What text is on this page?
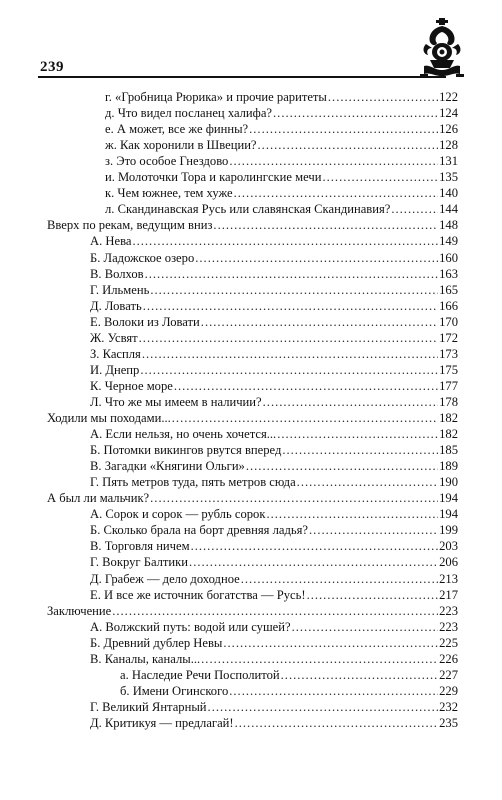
239
г. «Гробница Рюрика» и прочие раритеты .....	122
д. Что видел посланец халифа? .....	124
е. А может, все же финны? .....	126
ж. Как хоронили в Швеции? .....	128
з. Это особое Гнездово .....	131
и. Молоточки Тора и каролингские мечи .....	135
к. Чем южнее, тем хуже .....	140
л. Скандинавская Русь или славянская Скандинавия? .....	144
Вверх по рекам, ведущим вниз .....	148
А. Нева .....	149
Б. Ладожское озеро .....	160
В. Волхов .....	163
Г. Ильмень .....	165
Д. Ловать .....	166
Е. Волоки из Ловати .....	170
Ж. Усвят .....	172
З. Каспля .....	173
И. Днепр .....	175
К. Черное море .....	177
Л. Что же мы имеем в наличии? .....	178
Ходили мы походами... .....	182
А. Если нельзя, но очень хочется... .....	182
Б. Потомки викингов рвутся вперед .....	185
В. Загадки «Княгини Ольги» .....	189
Г. Пять метров туда, пять метров сюда .....	190
А был ли мальчик? .....	194
А. Сорок и сорок — рубль сорок .....	194
Б. Сколько брала на борт древняя ладья? .....	199
В. Торговля ничем .....	203
Г. Вокруг Балтики .....	206
Д. Грабеж — дело доходное .....	213
Е. И все же источник богатства — Русь! .....	217
Заключение .....	223
А. Волжский путь: водой или сушей? .....	223
Б. Древний дублер Невы .....	225
В. Каналы, каналы... .....	226
а. Наследие Речи Посполитой .....	227
б. Имени Огинского .....	229
Г. Великий Янтарный .....	232
Д. Критикуя — предлагай! .....	235
